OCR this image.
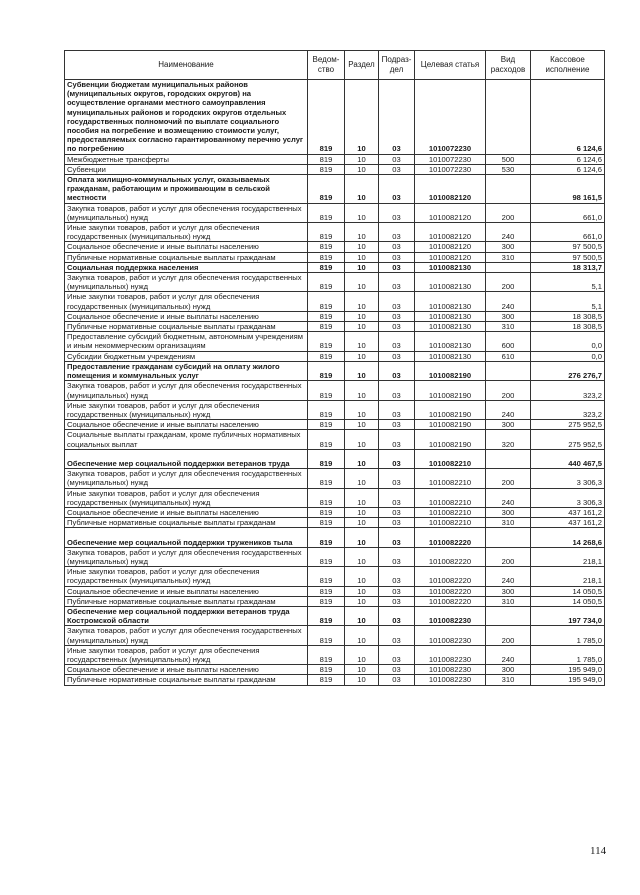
Наименование	Ведом-ство	Раздел	Подраз-дел	Целевая статья	Вид расходов	Кассовое исполнение
Субвенции бюджетам муниципальных районов (муниципальных округов, городских округов) на осуществление органами местного самоуправления муниципальных районов и городских округов отдельных государственных полномочий по выплате социального пособия на погребение и возмещению стоимости услуг, предоставляемых согласно гарантированному перечню услуг по погребению	819	10	03	1010072230		6 124,6
Межбюджетные трансферты	819	10	03	1010072230	500	6 124,6
Субвенции	819	10	03	1010072230	530	6 124,6
Оплата жилищно-коммунальных услуг, оказываемых гражданам, работающим и проживающим в сельской местности	819	10	03	1010082120		98 161,5
Закупка товаров, работ и услуг для обеспечения государственных (муниципальных) нужд	819	10	03	1010082120	200	661,0
Иные закупки товаров, работ и услуг для обеспечения государственных (муниципальных) нужд	819	10	03	1010082120	240	661,0
Социальное обеспечение и иные выплаты населению	819	10	03	1010082120	300	97 500,5
Публичные нормативные социальные выплаты гражданам	819	10	03	1010082120	310	97 500,5
Социальная поддержка населения	819	10	03	1010082130		18 313,7
Закупка товаров, работ и услуг для обеспечения государственных (муниципальных) нужд	819	10	03	1010082130	200	5,1
Иные закупки товаров, работ и услуг для обеспечения государственных (муниципальных) нужд	819	10	03	1010082130	240	5,1
Социальное обеспечение и иные выплаты населению	819	10	03	1010082130	300	18 308,5
Публичные нормативные социальные выплаты гражданам	819	10	03	1010082130	310	18 308,5
Предоставление субсидий бюджетным, автономным учреждениям и иным некоммерческим организациям	819	10	03	1010082130	600	0,0
Субсидии бюджетным учреждениям	819	10	03	1010082130	610	0,0
Предоставление гражданам субсидий на оплату жилого помещения и коммунальных услуг	819	10	03	1010082190		276 276,7
Закупка товаров, работ и услуг для обеспечения государственных (муниципальных) нужд	819	10	03	1010082190	200	323,2
Иные закупки товаров, работ и услуг для обеспечения государственных (муниципальных) нужд	819	10	03	1010082190	240	323,2
Социальное обеспечение и иные выплаты населению	819	10	03	1010082190	300	275 952,5
Социальные выплаты гражданам, кроме публичных нормативных социальных выплат	819	10	03	1010082190	320	275 952,5
Обеспечение мер социальной поддержки ветеранов труда	819	10	03	1010082210		440 467,5
Закупка товаров, работ и услуг для обеспечения государственных (муниципальных) нужд	819	10	03	1010082210	200	3 306,3
Иные закупки товаров, работ и услуг для обеспечения государственных (муниципальных) нужд	819	10	03	1010082210	240	3 306,3
Социальное обеспечение и иные выплаты населению	819	10	03	1010082210	300	437 161,2
Публичные нормативные социальные выплаты гражданам	819	10	03	1010082210	310	437 161,2
Обеспечение мер социальной поддержки тружеников тыла	819	10	03	1010082220		14 268,6
Закупка товаров, работ и услуг для обеспечения государственных (муниципальных) нужд	819	10	03	1010082220	200	218,1
Иные закупки товаров, работ и услуг для обеспечения государственных (муниципальных) нужд	819	10	03	1010082220	240	218,1
Социальное обеспечение и иные выплаты населению	819	10	03	1010082220	300	14 050,5
Публичные нормативные социальные выплаты гражданам	819	10	03	1010082220	310	14 050,5
Обеспечение мер социальной поддержки ветеранов труда Костромской области	819	10	03	1010082230		197 734,0
Закупка товаров, работ и услуг для обеспечения государственных (муниципальных) нужд	819	10	03	1010082230	200	1 785,0
Иные закупки товаров, работ и услуг для обеспечения государственных (муниципальных) нужд	819	10	03	1010082230	240	1 785,0
Социальное обеспечение и иные выплаты населению	819	10	03	1010082230	300	195 949,0
Публичные нормативные социальные выплаты гражданам	819	10	03	1010082230	310	195 949,0
114
